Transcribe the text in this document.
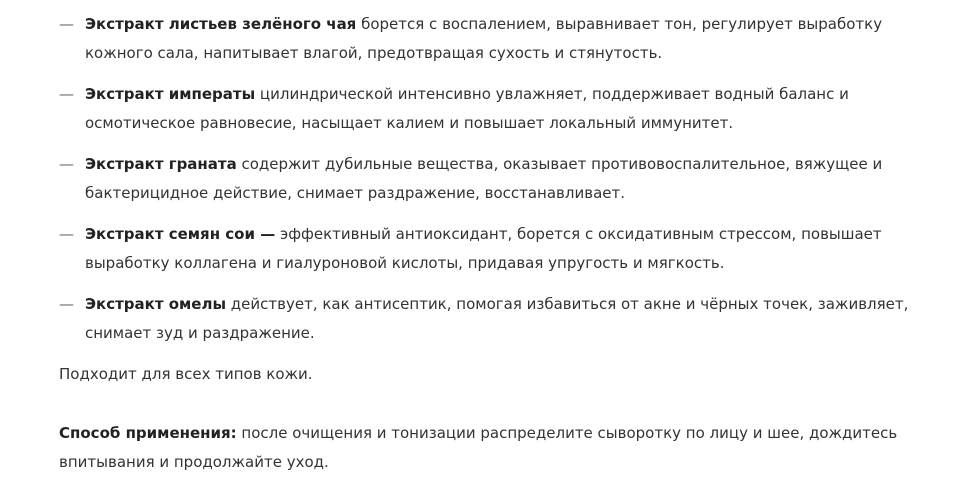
— Экстракт листьев зелёного чая борется с воспалением, выравнивает тон, регулирует выработку кожного сала, напитывает влагой, предотвращая сухость и стянутость.
— Экстракт императы цилиндрической интенсивно увлажняет, поддерживает водный баланс и осмотическое равновесие, насыщает калием и повышает локальный иммунитет.
— Экстракт граната содержит дубильные вещества, оказывает противовоспалительное, вяжущее и бактерицидное действие, снимает раздражение, восстанавливает.
— Экстракт семян сои — эффективный антиоксидант, борется с оксидативным стрессом, повышает выработку коллагена и гиалуроновой кислоты, придавая упругость и мягкость.
— Экстракт омелы действует, как антисептик, помогая избавиться от акне и чёрных точек, заживляет, снимает зуд и раздражение.

Подходит для всех типов кожи.

Способ применения: после очищения и тонизации распределите сыворотку по лицу и шее, дождитесь впитывания и продолжайте уход.
